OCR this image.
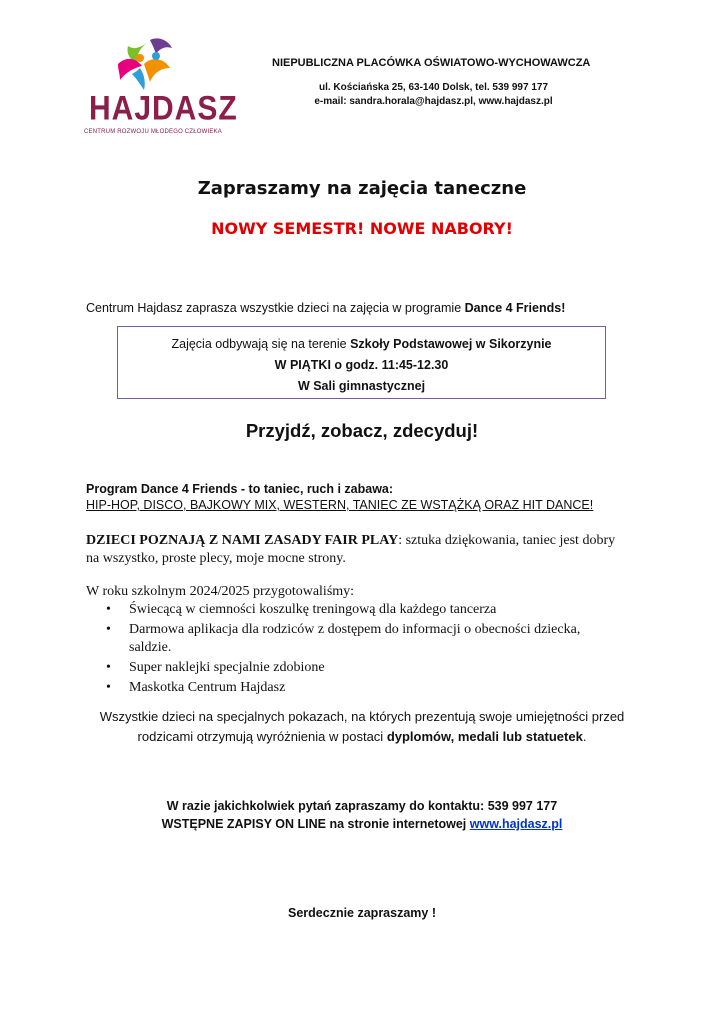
HAJDASZ
CENTRUM ROZWOJU MŁODEGO CZŁOWIEKA
NIEPUBLICZNA PLACÓWKA OŚWIATOWO-WYCHOWAWCZA
ul. Kościańska 25, 63-140 Dolsk, tel. 539 997 177
e-mail: sandra.horala@hajdasz.pl, www.hajdasz.pl
Zapraszamy na zajęcia taneczne
NOWY SEMESTR! NOWE NABORY!
Centrum Hajdasz zaprasza wszystkie dzieci na zajęcia w programie Dance 4 Friends!
Zajęcia odbywają się na terenie Szkoły Podstawowej w Sikorzynie
W PIĄTKI o godz. 11:45-12.30
W Sali gimnastycznej
Przyjdź, zobacz, zdecyduj!
Program Dance 4 Friends - to taniec, ruch i zabawa:
HIP-HOP, DISCO, BAJKOWY MIX, WESTERN, TANIEC ZE WSTĄŻKĄ ORAZ HIT DANCE!
DZIECI POZNAJĄ Z NAMI ZASADY FAIR PLAY: sztuka dziękowania, taniec jest dobry na wszystko, proste plecy, moje mocne strony.
W roku szkolnym 2024/2025 przygotowaliśmy:
• Świecącą w ciemności koszulkę treningową dla każdego tancerza
• Darmowa aplikacja dla rodziców z dostępem do informacji o obecności dziecka, saldzie.
• Super naklejki specjalnie zdobione
• Maskotka Centrum Hajdasz
Wszystkie dzieci na specjalnych pokazach, na których prezentują swoje umiejętności przed rodzicami otrzymują wyróżnienia w postaci dyplomów, medali lub statuetek.
W razie jakichkolwiek pytań zapraszamy do kontaktu: 539 997 177
WSTĘPNE ZAPISY ON LINE na stronie internetowej www.hajdasz.pl
Serdecznie zapraszamy !
